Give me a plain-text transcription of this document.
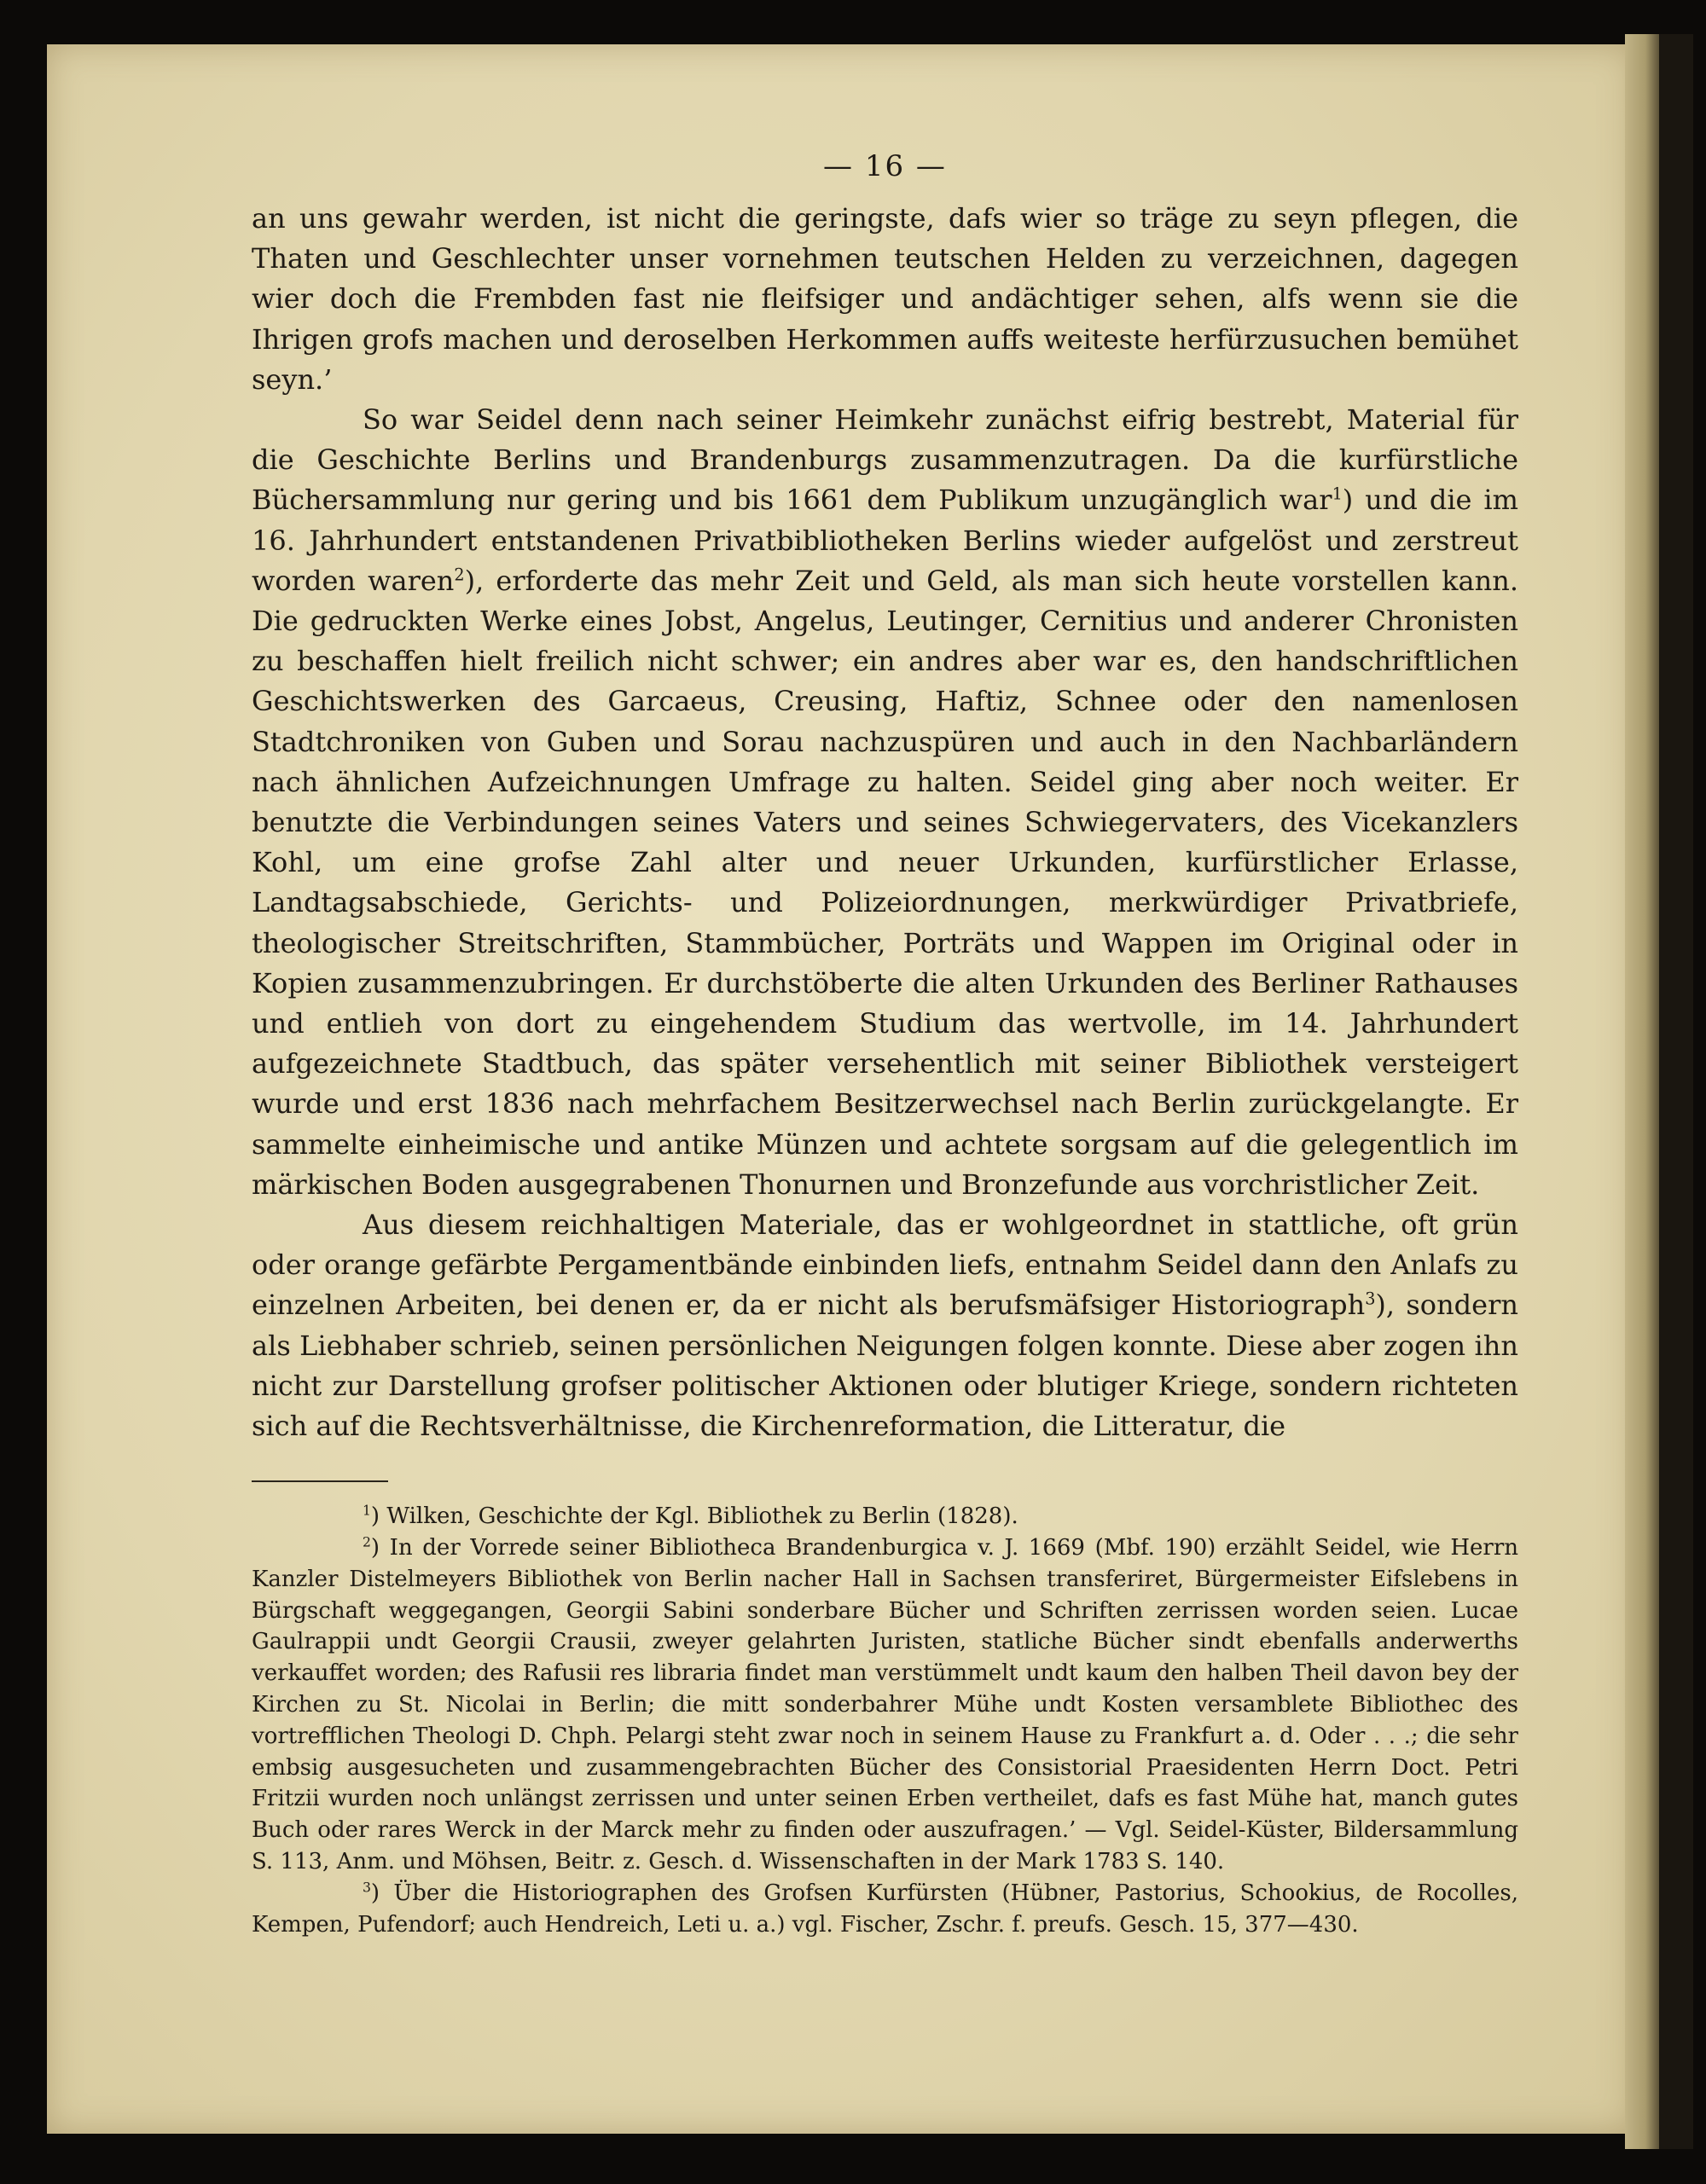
— 16 —

an uns gewahr werden, ist nicht die geringste, dafs wier so träge zu seyn pflegen, die Thaten und Geschlechter unser vornehmen teutschen Helden zu verzeichnen, dagegen wier doch die Frembden fast nie fleifsiger und andächtiger sehen, alfs wenn sie die Ihrigen grofs machen und deroselben Herkommen auffs weiteste herfürzusuchen bemühet seyn.’

So war Seidel denn nach seiner Heimkehr zunächst eifrig bestrebt, Material für die Geschichte Berlins und Brandenburgs zusammenzutragen. Da die kurfürstliche Büchersammlung nur gering und bis 1661 dem Publikum unzugänglich war$^1$) und die im 16. Jahrhundert entstandenen Privatbibliotheken Berlins wieder aufgelöst und zerstreut worden waren$^2$), erforderte das mehr Zeit und Geld, als man sich heute vorstellen kann. Die gedruckten Werke eines Jobst, Angelus, Leutinger, Cernitius und anderer Chronisten zu beschaffen hielt freilich nicht schwer; ein andres aber war es, den handschriftlichen Geschichtswerken des Garcaeus, Creusing, Haftiz, Schnee oder den namenlosen Stadtchroniken von Guben und Sorau nachzuspüren und auch in den Nachbarländern nach ähnlichen Aufzeichnungen Umfrage zu halten. Seidel ging aber noch weiter. Er benutzte die Verbindungen seines Vaters und seines Schwiegervaters, des Vicekanzlers Kohl, um eine grofse Zahl alter und neuer Urkunden, kurfürstlicher Erlasse, Landtagsabschiede, Gerichts- und Polizeiordnungen, merkwürdiger Privatbriefe, theologischer Streitschriften, Stammbücher, Porträts und Wappen im Original oder in Kopien zusammenzubringen. Er durchstöberte die alten Urkunden des Berliner Rathauses und entlieh von dort zu eingehendem Studium das wertvolle, im 14. Jahrhundert aufgezeichnete Stadtbuch, das später versehentlich mit seiner Bibliothek versteigert wurde und erst 1836 nach mehrfachem Besitzerwechsel nach Berlin zurückgelangte. Er sammelte einheimische und antike Münzen und achtete sorgsam auf die gelegentlich im märkischen Boden ausgegrabenen Thonurnen und Bronzefunde aus vorchristlicher Zeit.

Aus diesem reichhaltigen Materiale, das er wohlgeordnet in stattliche, oft grün oder orange gefärbte Pergamentbände einbinden liefs, entnahm Seidel dann den Anlafs zu einzelnen Arbeiten, bei denen er, da er nicht als berufsmäfsiger Historiograph$^3$), sondern als Liebhaber schrieb, seinen persönlichen Neigungen folgen konnte. Diese aber zogen ihn nicht zur Darstellung grofser politischer Aktionen oder blutiger Kriege, sondern richteten sich auf die Rechtsverhältnisse, die Kirchenreformation, die Litteratur, die

$^1$) Wilken, Geschichte der Kgl. Bibliothek zu Berlin (1828).

$^2$) In der Vorrede seiner Bibliotheca Brandenburgica v. J. 1669 (Mbf. 190) erzählt Seidel, wie Herrn Kanzler Distelmeyers Bibliothek von Berlin nacher Hall in Sachsen transferiret, Bürgermeister Eifslebens in Bürgschaft weggegangen, Georgii Sabini sonderbare Bücher und Schriften zerrissen worden seien. Lucae Gaulrappii undt Georgii Crausii, zweyer gelahrten Juristen, statliche Bücher sindt ebenfalls anderwerths verkauffet worden; des Rafusii res libraria findet man verstümmelt undt kaum den halben Theil davon bey der Kirchen zu St. Nicolai in Berlin; die mitt sonderbahrer Mühe undt Kosten versamblete Bibliothec des vortrefflichen Theologi D. Chph. Pelargi steht zwar noch in seinem Hause zu Frankfurt a. d. Oder . . .; die sehr embsig ausgesucheten und zusammengebrachten Bücher des Consistorial Praesidenten Herrn Doct. Petri Fritzii wurden noch unlängst zerrissen und unter seinen Erben vertheilet, dafs es fast Mühe hat, manch gutes Buch oder rares Werck in der Marck mehr zu finden oder auszufragen.’ — Vgl. Seidel-Küster, Bildersammlung S. 113, Anm. und Möhsen, Beitr. z. Gesch. d. Wissenschaften in der Mark 1783 S. 140.

$^3$) Über die Historiographen des Grofsen Kurfürsten (Hübner, Pastorius, Schookius, de Rocolles, Kempen, Pufendorf; auch Hendreich, Leti u. a.) vgl. Fischer, Zschr. f. preufs. Gesch. 15, 377—430.
